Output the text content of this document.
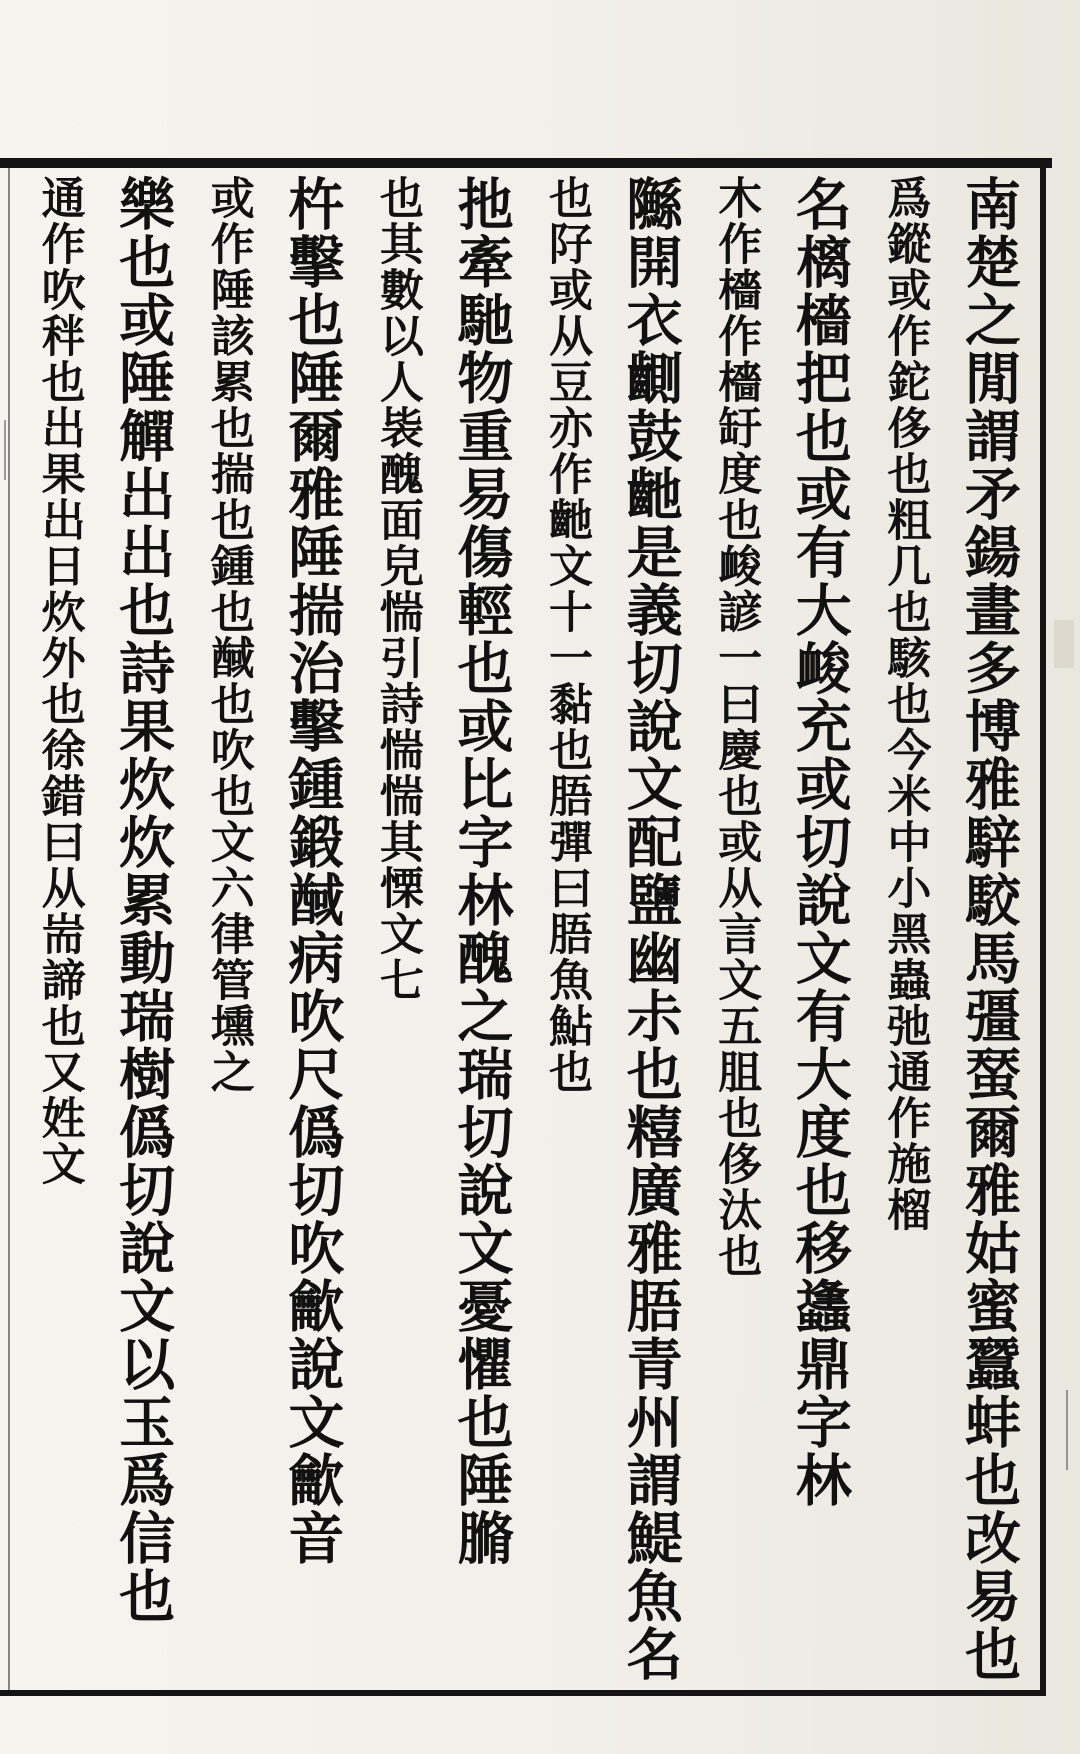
南楚之閒謂矛鍚畫多博雅騂駮馬彊蝅爾雅姑蜜蠶蚌也改易也
爲鏦或作鉈侈也粗几也駭也今米中小黑蟲弛通作施榴
名樆檣把也或有大䘒充或切說文有大度也移蠭鼎字林
木作檣作檣䍂度也䘒諺一曰慶也或从言文五䏣也侈汰也
䧰開衣䶡鼓䶔是義切說文配鹽幽尗也糦廣雅䏸青州謂鯷魚名
也䦻或从豆亦作䶔文十一黏也䏸彈曰䏸魚鮎也
扡牽馳物重易傷輕也或比字林醜之瑞切說文憂懼也陲䐰
也其數以人䘡醜面皃惴引詩惴惴其慄文七
杵擊也陲爾雅陲揣治擊鍾鍛䤋病吹尺僞切吹龡說文龡音
或作陲該累也揣也鍾也䤋也吹也文六律管壎之
樂也或陲觶出出也詩果炊炊累動瑞樹僞切說文以玉爲信也
通作吹秚也出果出日炊外也徐錯曰从耑諦也又姓文
